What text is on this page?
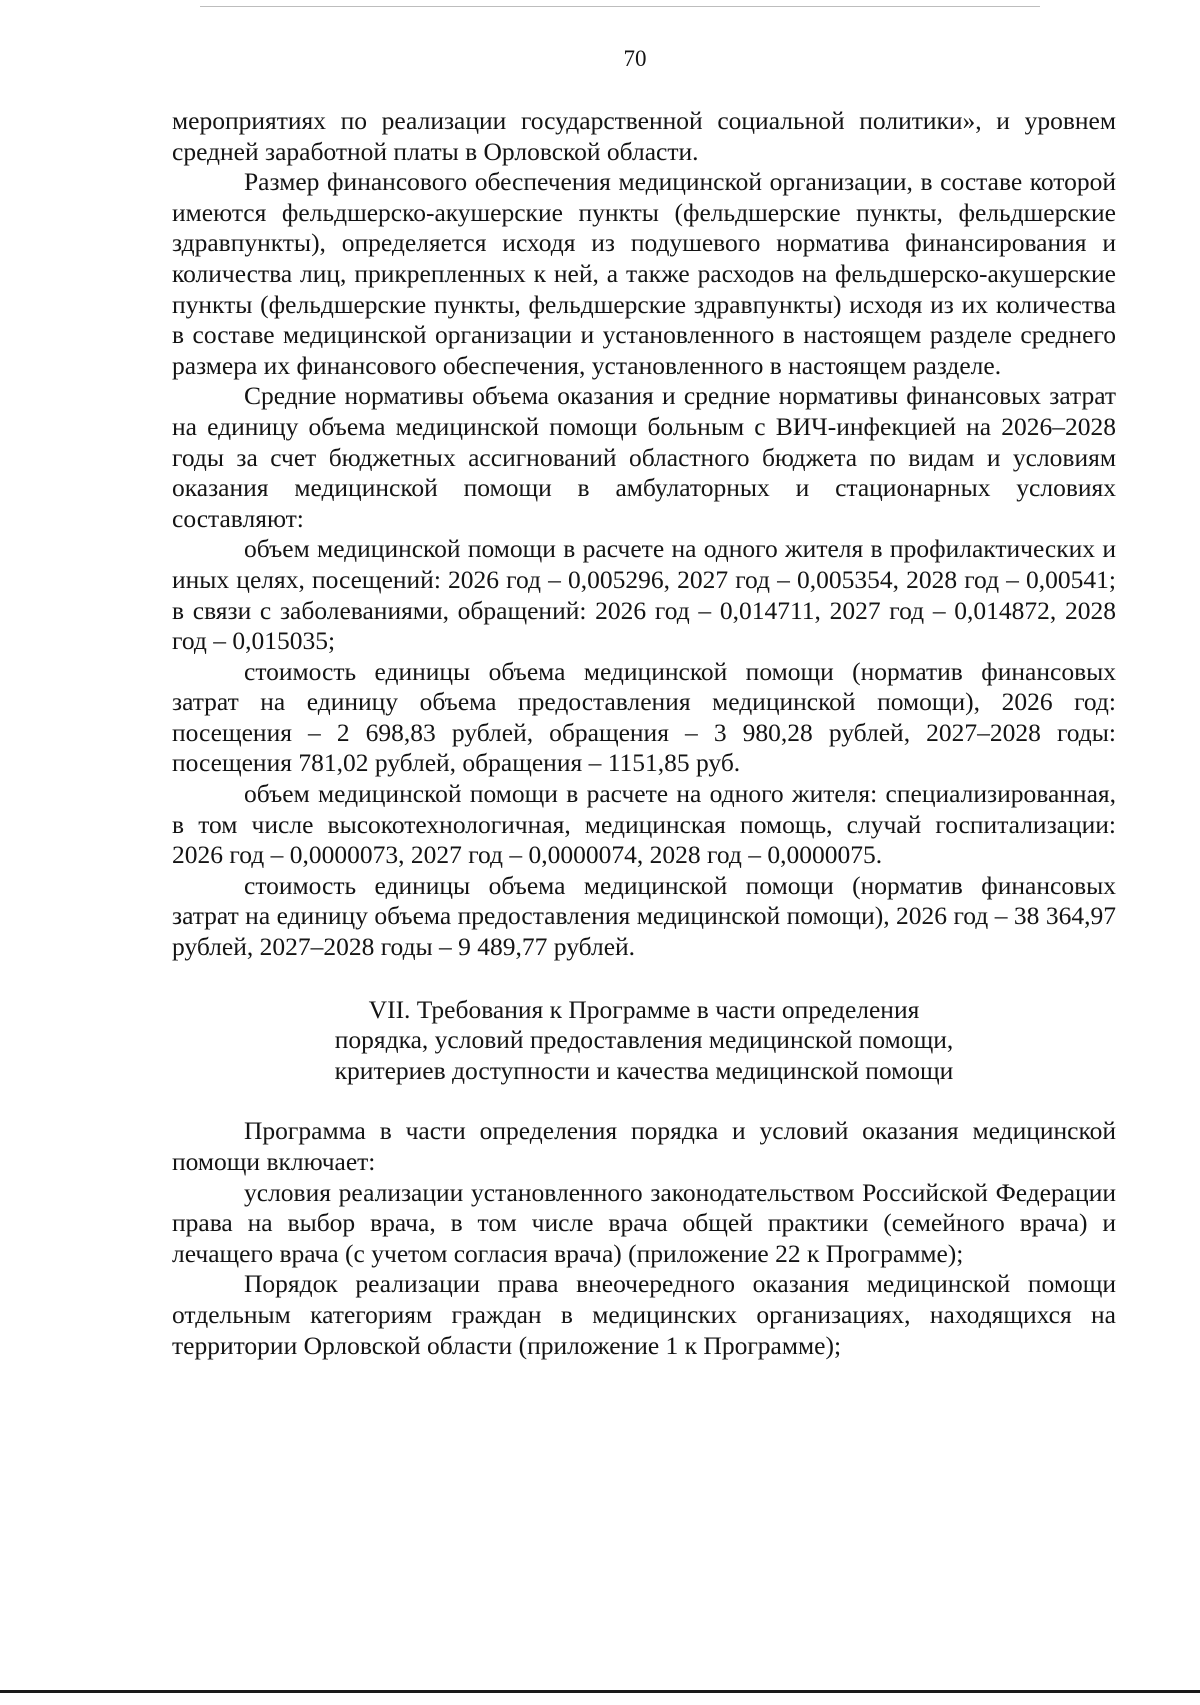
70

мероприятиях по реализации государственной социальной политики», и уровнем средней заработной платы в Орловской области.

Размер финансового обеспечения медицинской организации, в составе которой имеются фельдшерско-акушерские пункты (фельдшерские пункты, фельдшерские здравпункты), определяется исходя из подушевого норматива финансирования и количества лиц, прикрепленных к ней, а также расходов на фельдшерско-акушерские пункты (фельдшерские пункты, фельдшерские здравпункты) исходя из их количества в составе медицинской организации и установленного в настоящем разделе среднего размера их финансового обеспечения, установленного в настоящем разделе.

Средние нормативы объема оказания и средние нормативы финансовых затрат на единицу объема медицинской помощи больным с ВИЧ-инфекцией на 2026–2028 годы за счет бюджетных ассигнований областного бюджета по видам и условиям оказания медицинской помощи в амбулаторных и стационарных условиях составляют:

объем медицинской помощи в расчете на одного жителя в профилактических и иных целях, посещений: 2026 год – 0,005296, 2027 год – 0,005354, 2028 год – 0,00541; в связи с заболеваниями, обращений: 2026 год – 0,014711, 2027 год – 0,014872, 2028 год – 0,015035;

стоимость единицы объема медицинской помощи (норматив финансовых затрат на единицу объема предоставления медицинской помощи), 2026 год: посещения – 2 698,83 рублей, обращения – 3 980,28 рублей, 2027–2028 годы: посещения 781,02 рублей, обращения – 1151,85 руб.

объем медицинской помощи в расчете на одного жителя: специализированная, в том числе высокотехнологичная, медицинская помощь, случай госпитализации: 2026 год – 0,0000073, 2027 год – 0,0000074, 2028 год – 0,0000075.

стоимость единицы объема медицинской помощи (норматив финансовых затрат на единицу объема предоставления медицинской помощи), 2026 год – 38 364,97 рублей, 2027–2028 годы – 9 489,77 рублей.

VII. Требования к Программе в части определения
порядка, условий предоставления медицинской помощи,
критериев доступности и качества медицинской помощи

Программа в части определения порядка и условий оказания медицинской помощи включает:

условия реализации установленного законодательством Российской Федерации права на выбор врача, в том числе врача общей практики (семейного врача) и лечащего врача (с учетом согласия врача) (приложение 22 к Программе);

Порядок реализации права внеочередного оказания медицинской помощи отдельным категориям граждан в медицинских организациях, находящихся на территории Орловской области (приложение 1 к Программе);
